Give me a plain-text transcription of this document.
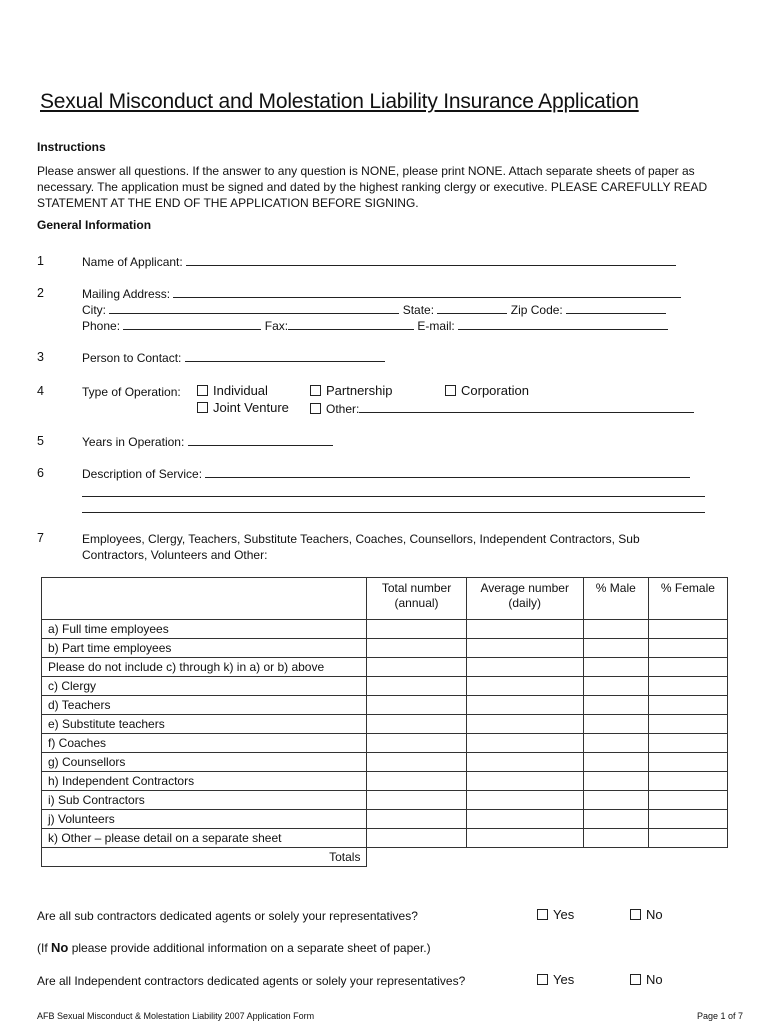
Sexual Misconduct and Molestation Liability Insurance Application
Instructions
Please answer all questions. If the answer to any question is NONE, please print NONE. Attach separate sheets of paper as necessary. The application must be signed and dated by the highest ranking clergy or executive. PLEASE CAREFULLY READ STATEMENT AT THE END OF THE APPLICATION BEFORE SIGNING.
General Information
1	Name of Applicant:
2	Mailing Address:
City:	State:	Zip Code:
Phone:	Fax:	E-mail:
3	Person to Contact:
4	Type of Operation:	Individual	Partnership	Corporation
Joint Venture	Other:
5	Years in Operation:
6	Description of Service:
7	Employees, Clergy, Teachers, Substitute Teachers, Coaches, Counsellors, Independent Contractors, Sub
Contractors, Volunteers and Other:
	Total number (annual)	Average number (daily)	% Male	% Female
a) Full time employees				
b) Part time employees				
Please do not include c) through k) in a) or b) above				
c) Clergy				
d) Teachers				
e) Substitute teachers				
f) Coaches				
g) Counsellors				
h) Independent Contractors				
i) Sub Contractors				
j) Volunteers				
k) Other – please detail on a separate sheet				
Totals				
Are all sub contractors dedicated agents or solely your representatives?	Yes	No
(If No please provide additional information on a separate sheet of paper.)
Are all Independent contractors dedicated agents or solely your representatives?	Yes	No
AFB Sexual Misconduct & Molestation Liability 2007 Application Form	Page 1 of 7
